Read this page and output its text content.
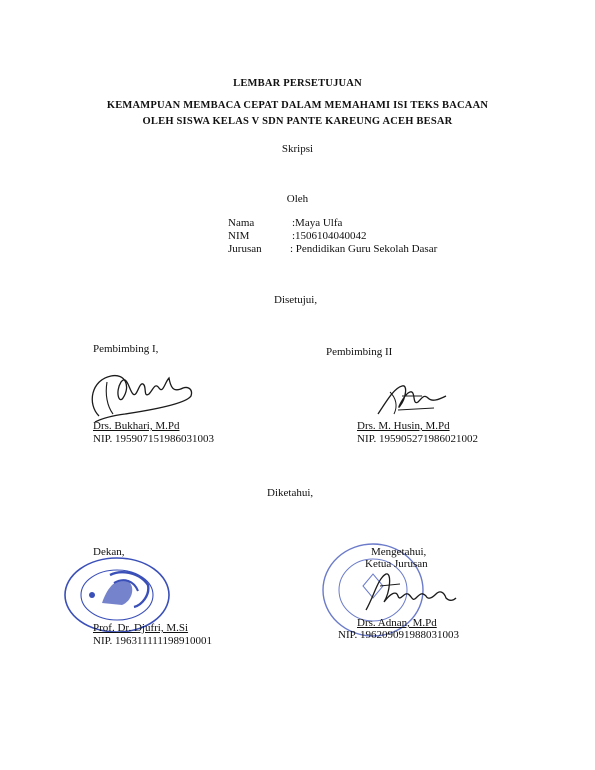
LEMBAR PERSETUJUAN
KEMAMPUAN MEMBACA CEPAT DALAM MEMAHAMI ISI TEKS BACAAN
OLEH SISWA KELAS V SDN PANTE KAREUNG ACEH BESAR
Skripsi
Oleh
Nama	:Maya Ulfa
NIM	:1506104040042
Jurusan	: Pendidikan Guru Sekolah Dasar
Disetujui,
Pembimbing I,
Drs. Bukhari, M.Pd
NIP. 195907151986031003
Pembimbing II
Drs. M. Husin, M.Pd
NIP. 195905271986021002
Diketahui,
Dekan,
Prof. Dr. Djufri, M.Si
NIP. 196311111198910001
Mengetahui,
Ketua Jurusan
Drs. Adnan, M.Pd
NIP. 196209091988031003
